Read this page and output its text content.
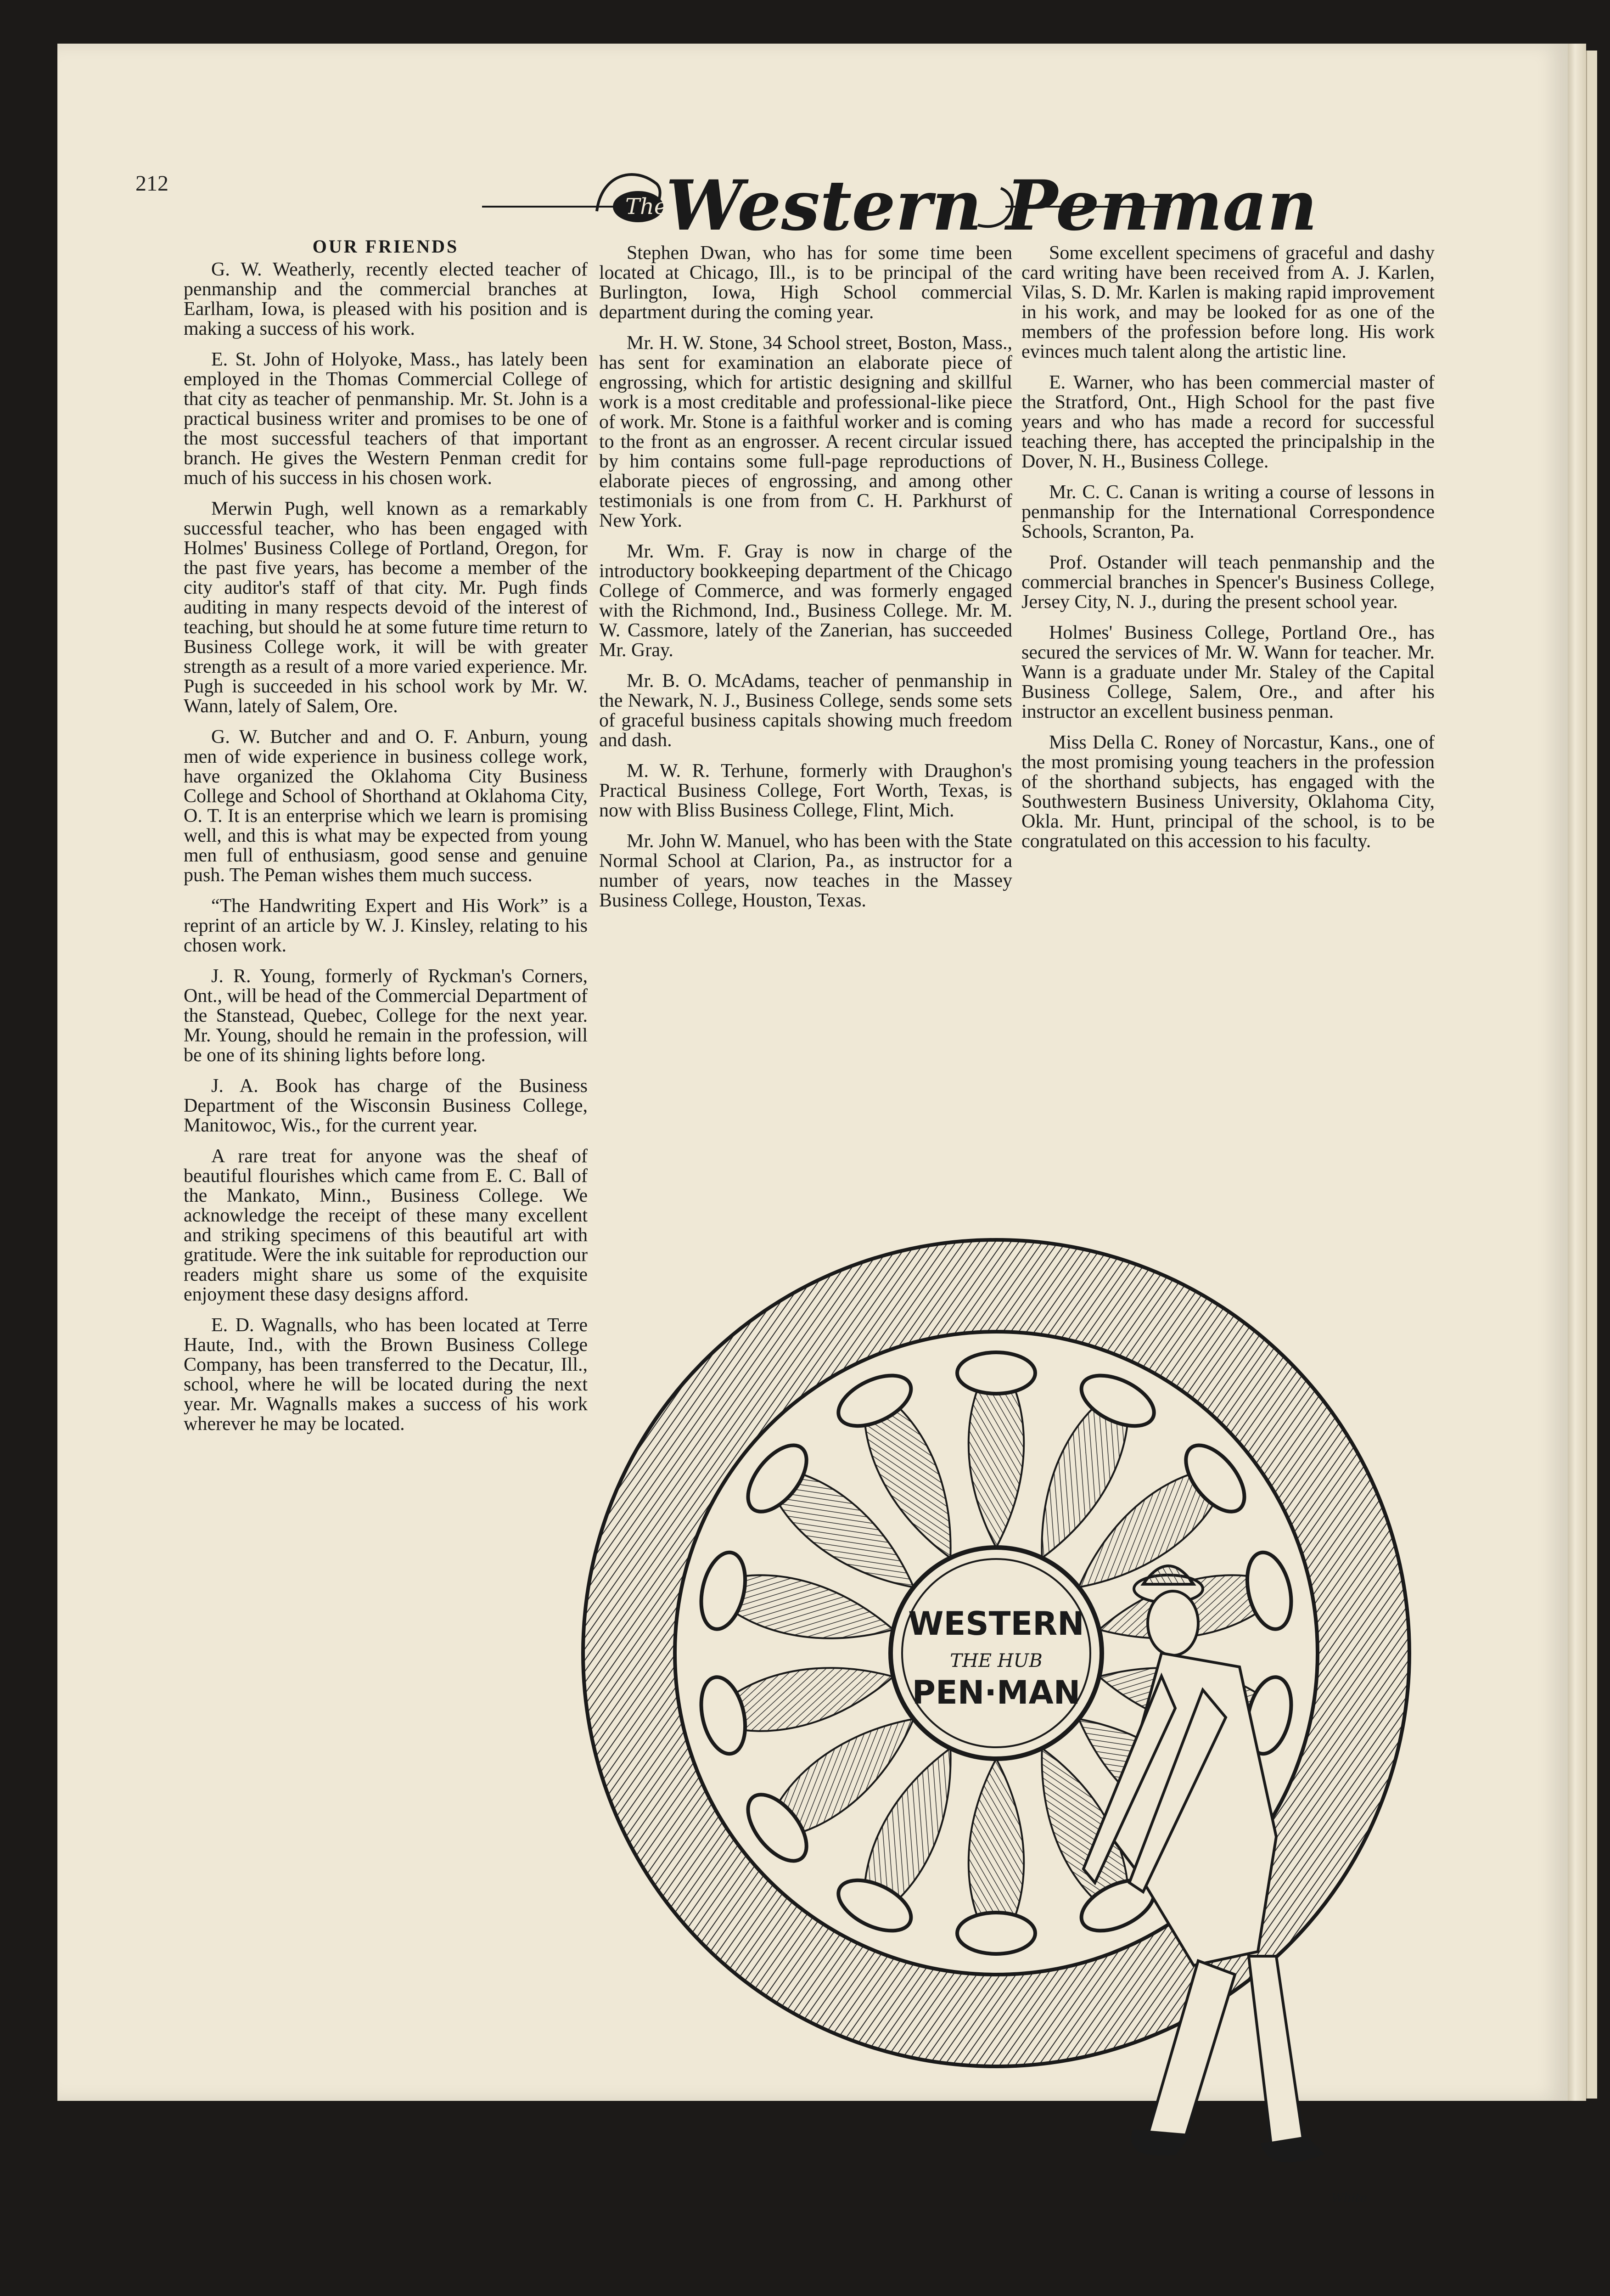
212
The
Western Penman

OUR FRIENDS

G. W. Weatherly, recently elected teacher of penmanship and the commercial branches at Earlham, Iowa, is pleased with his position and is making a success of his work.

E. St. John of Holyoke, Mass., has lately been employed in the Thomas Commercial College of that city as teacher of penmanship. Mr. St. John is a practical business writer and promises to be one of the most successful teachers of that important branch. He gives the Western Penman credit for much of his success in his chosen work.

Merwin Pugh, well known as a remarkably successful teacher, who has been engaged with Holmes' Business College of Portland, Oregon, for the past five years, has become a member of the city auditor's staff of that city. Mr. Pugh finds auditing in many respects devoid of the interest of teaching, but should he at some future time return to Business College work, it will be with greater strength as a result of a more varied experience. Mr. Pugh is succeeded in his school work by Mr. W. Wann, lately of Salem, Ore.

G. W. Butcher and and O. F. Anburn, young men of wide experience in business college work, have organized the Oklahoma City Business College and School of Shorthand at Oklahoma City, O. T. It is an enterprise which we learn is promising well, and this is what may be expected from young men full of enthusiasm, good sense and genuine push. The Peman wishes them much success.

“The Handwriting Expert and His Work” is a reprint of an article by W. J. Kinsley, relating to his chosen work.

J. R. Young, formerly of Ryckman's Corners, Ont., will be head of the Commercial Department of the Stanstead, Quebec, College for the next year. Mr. Young, should he remain in the profession, will be one of its shining lights before long.

J. A. Book has charge of the Business Department of the Wisconsin Business College, Manitowoc, Wis., for the current year.

A rare treat for anyone was the sheaf of beautiful flourishes which came from E. C. Ball of the Mankato, Minn., Business College. We acknowledge the receipt of these many excellent and striking specimens of this beautiful art with gratitude. Were the ink suitable for reproduction our readers might share us some of the exquisite enjoyment these dasy designs afford.

E. D. Wagnalls, who has been located at Terre Haute, Ind., with the Brown Business College Company, has been transferred to the Decatur, Ill., school, where he will be located during the next year. Mr. Wagnalls makes a success of his work wherever he may be located.

Stephen Dwan, who has for some time been located at Chicago, Ill., is to be principal of the Burlington, Iowa, High School commercial department during the coming year.

Mr. H. W. Stone, 34 School street, Boston, Mass., has sent for examination an elaborate piece of engrossing, which for artistic designing and skillful work is a most creditable and professional-like piece of work. Mr. Stone is a faithful worker and is coming to the front as an engrosser. A recent circular issued by him contains some full-page reproductions of elaborate pieces of engrossing, and among other testimonials is one from from C. H. Parkhurst of New York.

Mr. Wm. F. Gray is now in charge of the introductory bookkeeping department of the Chicago College of Commerce, and was formerly engaged with the Richmond, Ind., Business College. Mr. M. W. Cassmore, lately of the Zanerian, has succeeded Mr. Gray.

Mr. B. O. McAdams, teacher of penmanship in the Newark, N. J., Business College, sends some sets of graceful business capitals showing much freedom and dash.

M. W. R. Terhune, formerly with Draughon's Practical Business College, Fort Worth, Texas, is now with Bliss Business College, Flint, Mich.

Mr. John W. Manuel, who has been with the State Normal School at Clarion, Pa., as instructor for a number of years, now teaches in the Massey Business College, Houston, Texas.

Some excellent specimens of graceful and dashy card writing have been received from A. J. Karlen, Vilas, S. D. Mr. Karlen is making rapid improvement in his work, and may be looked for as one of the members of the profession before long. His work evinces much talent along the artistic line.

E. Warner, who has been commercial master of the Stratford, Ont., High School for the past five years and who has made a record for successful teaching there, has accepted the principalship in the Dover, N. H., Business College.

Mr. C. C. Canan is writing a course of lessons in penmanship for the International Correspondence Schools, Scranton, Pa.

Prof. Ostander will teach penmanship and the commercial branches in Spencer's Business College, Jersey City, N. J., during the present school year.

Holmes' Business College, Portland Ore., has secured the services of Mr. W. Wann for teacher. Mr. Wann is a graduate under Mr. Staley of the Capital Business College, Salem, Ore., and after his instructor an excellent business penman.

Miss Della C. Roney of Norcastur, Kans., one of the most promising young teachers in the profession of the shorthand subjects, has engaged with the Southwestern Business University, Oklahoma City, Okla. Mr. Hunt, principal of the school, is to be congratulated on this accession to his faculty.

WESTERN
THE HUB
PEN·MAN
White
